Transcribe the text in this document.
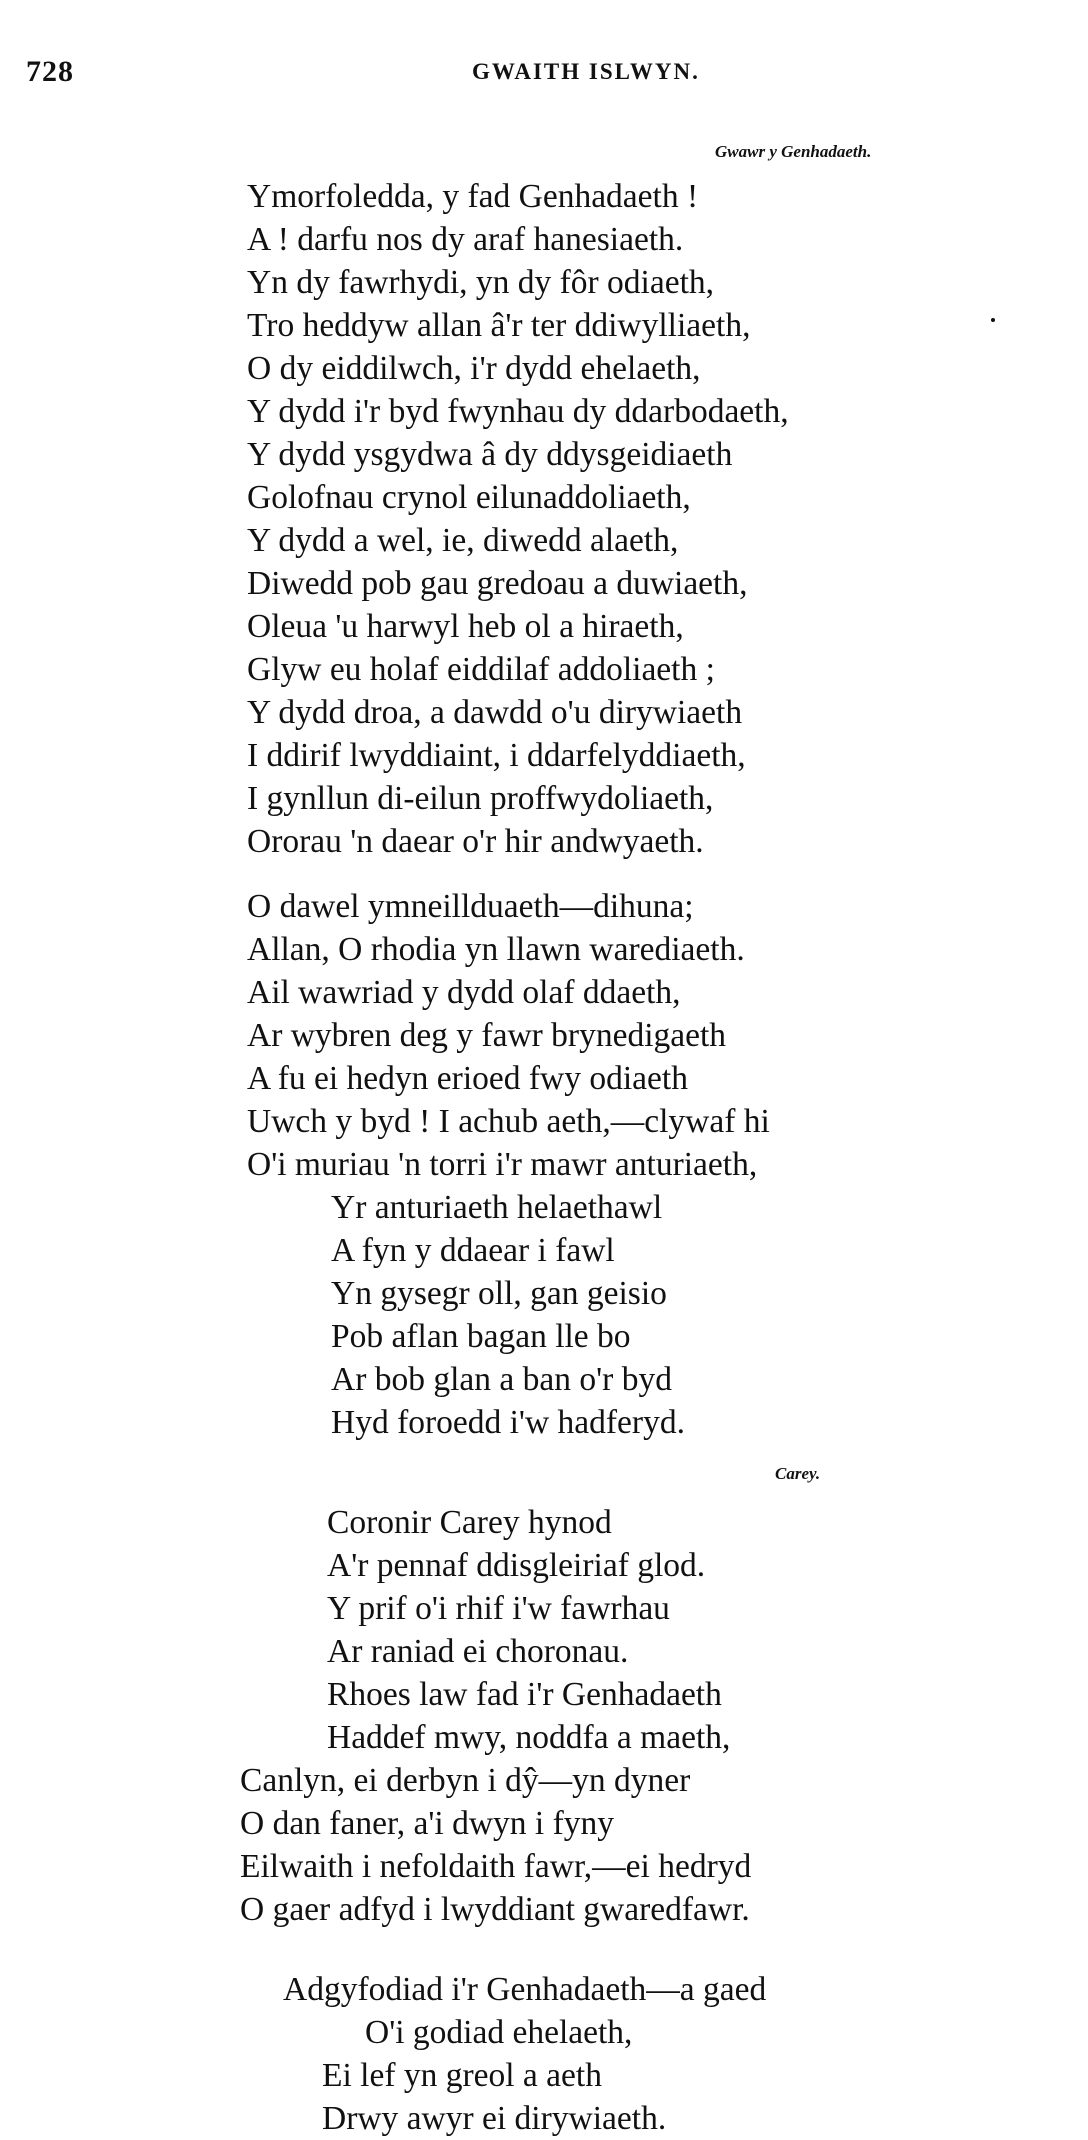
728	GWAITH ISLWYN.
Gwawr y Genhadaeth.
Ymorfoledda, y fad Genhadaeth !
A ! darfu nos dy araf hanesiaeth.
Yn dy fawrhydi, yn dy fôr odiaeth,
Tro heddyw allan â'r ter ddiwylliaeth,
O dy eiddilwch, i'r dydd ehelaeth,
Y dydd i'r byd fwynhau dy ddarbodaeth,
Y dydd ysgydwa â dy ddysgeidiaeth
Golofnau crynol eilunaddoliaeth,
Y dydd a wel, ie, diwedd alaeth,
Diwedd pob gau gredoau a duwiaeth,
Oleua 'u harwyl heb ol a hiraeth,
Glyw eu holaf eiddilaf addoliaeth ;
Y dydd droa, a dawdd o'u dirywiaeth
I ddirif lwyddiaint, i ddarfelyddiaeth,
I gynllun di-eilun proffwydoliaeth,
Ororau 'n daear o'r hir andwyaeth.
O dawel ymneillduaeth—dihuna;
Allan, O rhodia yn llawn warediaeth.
Ail wawriad y dydd olaf ddaeth,
Ar wybren deg y fawr brynedigaeth
A fu ei hedyn erioed fwy odiaeth
Uwch y byd ! I achub aeth,—clywaf hi
O'i muriau 'n torri i'r mawr anturiaeth,
Yr anturiaeth helaethawl
A fyn y ddaear i fawl
Yn gysegr oll, gan geisio
Pob aflan bagan lle bo
Ar bob glan a ban o'r byd
Hyd foroedd i'w hadferyd.
Carey.
Coronir Carey hynod
A'r pennaf ddisgleiriaf glod.
Y prif o'i rhif i'w fawrhau
Ar raniad ei choronau.
Rhoes law fad i'r Genhadaeth
Haddef mwy, noddfa a maeth,
Canlyn, ei derbyn i dŷ—yn dyner
O dan faner, a'i dwyn i fyny
Eilwaith i nefoldaith fawr,—ei hedryd
O gaer adfyd i lwyddiant gwaredfawr.
Adgyfodiad i'r Genhadaeth—a gaed
O'i godiad ehelaeth,
Ei lef yn greol a aeth
Drwy awyr ei dirywiaeth.
